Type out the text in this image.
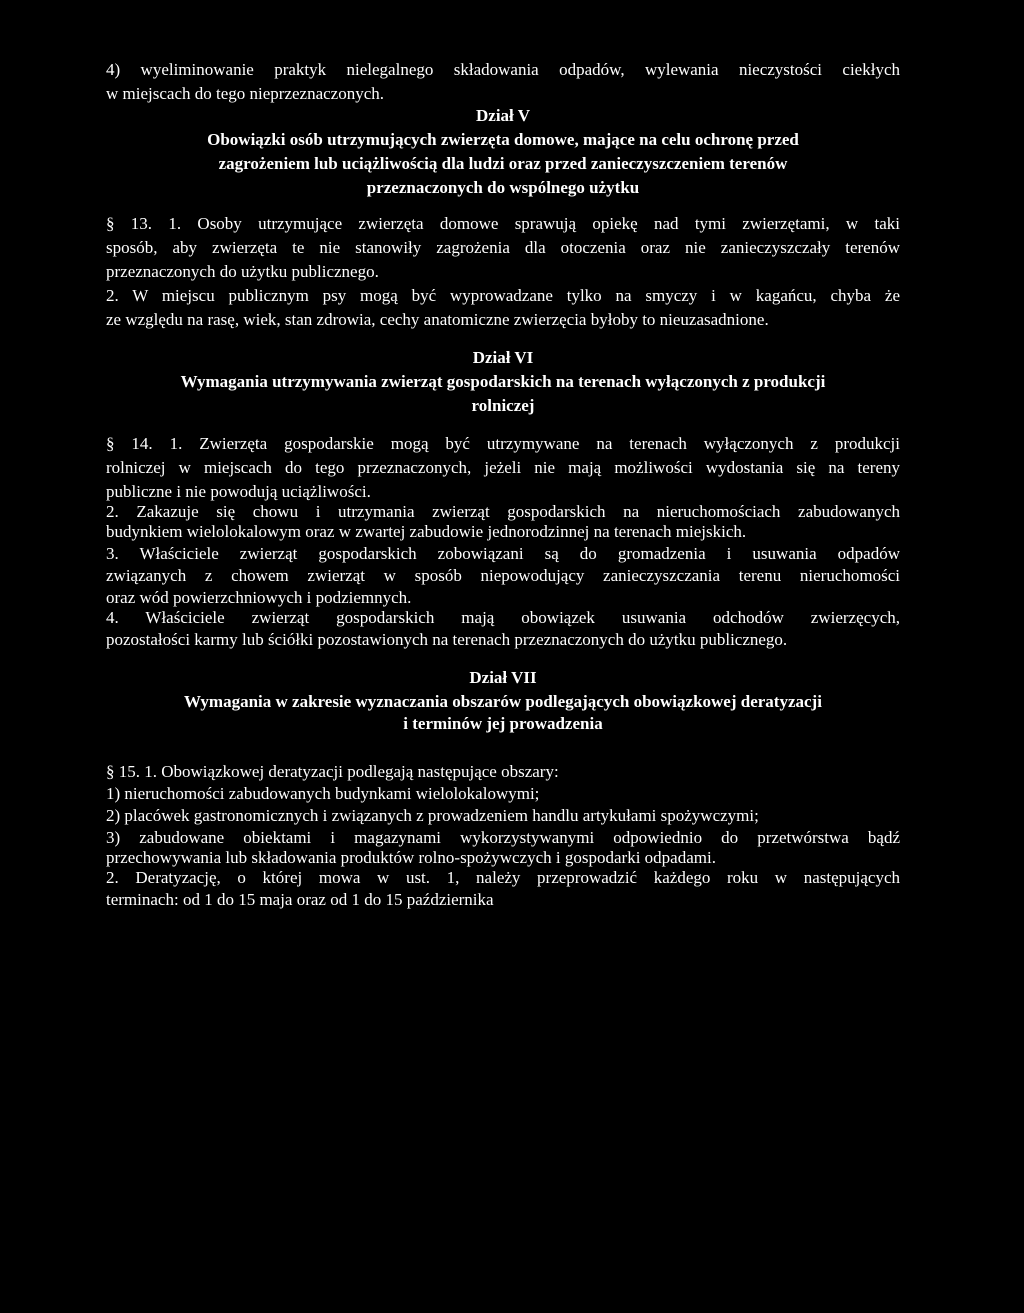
4) wyeliminowanie praktyk nielegalnego składowania odpadów, wylewania nieczystości ciekłych
w miejscach do tego nieprzeznaczonych.
Dział V
Obowiązki osób utrzymujących zwierzęta domowe, mające na celu ochronę przed
zagrożeniem lub uciążliwością dla ludzi oraz przed zanieczyszczeniem terenów
przeznaczonych do wspólnego użytku
§ 13. 1. Osoby utrzymujące zwierzęta domowe sprawują opiekę nad tymi zwierzętami, w taki
sposób, aby zwierzęta te nie stanowiły zagrożenia dla otoczenia oraz nie zanieczyszczały terenów
przeznaczonych do użytku publicznego.
2. W miejscu publicznym psy mogą być wyprowadzane tylko na smyczy i w kagańcu, chyba że
ze względu na rasę, wiek, stan zdrowia, cechy anatomiczne zwierzęcia byłoby to nieuzasadnione.
Dział VI
Wymagania utrzymywania zwierząt gospodarskich na terenach wyłączonych z produkcji
rolniczej
§ 14. 1. Zwierzęta gospodarskie mogą być utrzymywane na terenach wyłączonych z produkcji
rolniczej w miejscach do tego przeznaczonych, jeżeli nie mają możliwości wydostania się na tereny
publiczne i nie powodują uciążliwości.
2. Zakazuje się chowu i utrzymania zwierząt gospodarskich na nieruchomościach zabudowanych
budynkiem wielolokalowym oraz w zwartej zabudowie jednorodzinnej na terenach miejskich.
3. Właściciele zwierząt gospodarskich zobowiązani są do gromadzenia i usuwania odpadów
związanych z chowem zwierząt w sposób niepowodujący zanieczyszczania terenu nieruchomości
oraz wód powierzchniowych i podziemnych.
4. Właściciele zwierząt gospodarskich mają obowiązek usuwania odchodów zwierzęcych,
pozostałości karmy lub ściółki pozostawionych na terenach przeznaczonych do użytku publicznego.
Dział VII
Wymagania w zakresie wyznaczania obszarów podlegających obowiązkowej deratyzacji
i terminów jej prowadzenia
§ 15. 1. Obowiązkowej deratyzacji podlegają następujące obszary:
1) nieruchomości zabudowanych budynkami wielolokalowymi;
2) placówek gastronomicznych i związanych z prowadzeniem handlu artykułami spożywczymi;
3) zabudowane obiektami i magazynami wykorzystywanymi odpowiednio do przetwórstwa bądź
przechowywania lub składowania produktów rolno-spożywczych i gospodarki odpadami.
2. Deratyzację, o której mowa w ust. 1, należy przeprowadzić każdego roku w następujących
terminach: od 1 do 15 maja oraz od 1 do 15 października
